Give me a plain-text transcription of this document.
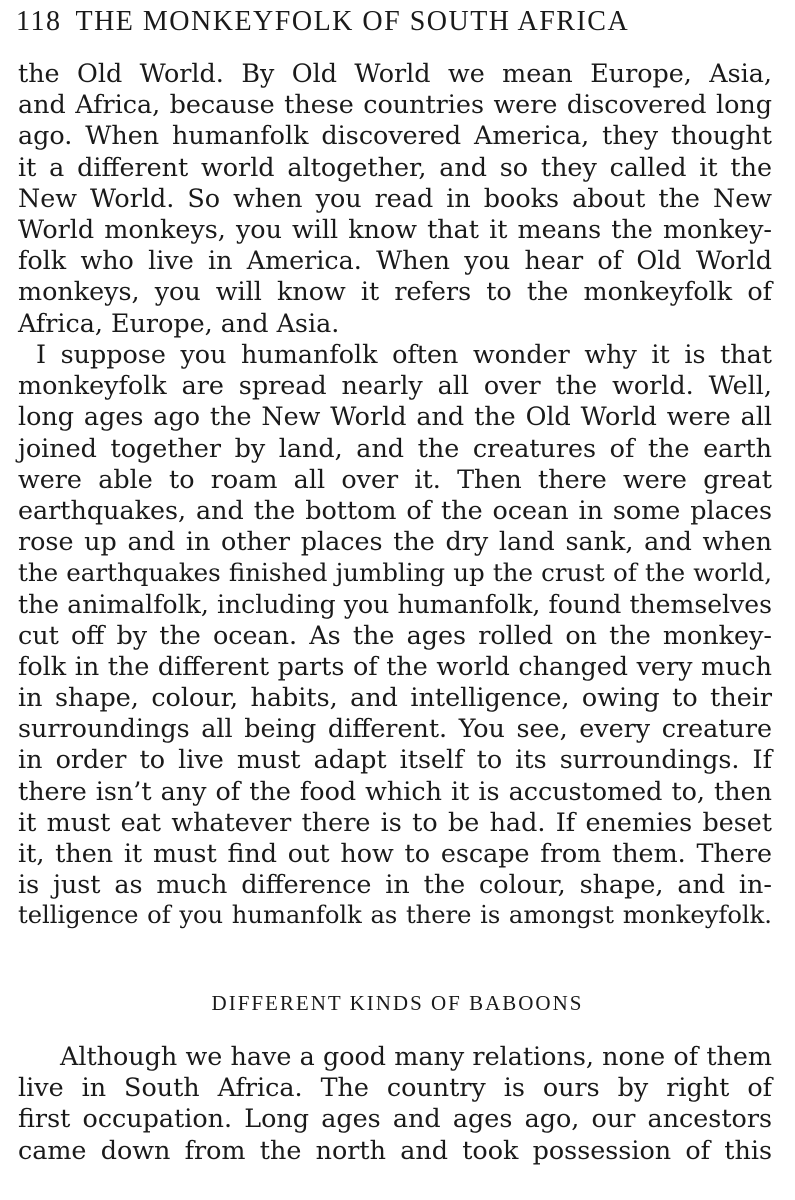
118 THE MONKEYFOLK OF SOUTH AFRICA
the Old World. By Old World we mean Europe, Asia,
and Africa, because these countries were discovered long
ago. When humanfolk discovered America, they thought
it a different world altogether, and so they called it the
New World. So when you read in books about the New
World monkeys, you will know that it means the monkey-
folk who live in America. When you hear of Old World
monkeys, you will know it refers to the monkeyfolk of
Africa, Europe, and Asia.
I suppose you humanfolk often wonder why it is that
monkeyfolk are spread nearly all over the world. Well,
long ages ago the New World and the Old World were all
joined together by land, and the creatures of the earth
were able to roam all over it. Then there were great
earthquakes, and the bottom of the ocean in some places
rose up and in other places the dry land sank, and when
the earthquakes finished jumbling up the crust of the world,
the animalfolk, including you humanfolk, found themselves
cut off by the ocean. As the ages rolled on the monkey-
folk in the different parts of the world changed very much
in shape, colour, habits, and intelligence, owing to their
surroundings all being different. You see, every creature
in order to live must adapt itself to its surroundings. If
there isn’t any of the food which it is accustomed to, then
it must eat whatever there is to be had. If enemies beset
it, then it must find out how to escape from them. There
is just as much difference in the colour, shape, and in-
telligence of you humanfolk as there is amongst monkeyfolk.
DIFFERENT KINDS OF BABOONS
Although we have a good many relations, none of them
live in South Africa. The country is ours by right of
first occupation. Long ages and ages ago, our ancestors
came down from the north and took possession of this
